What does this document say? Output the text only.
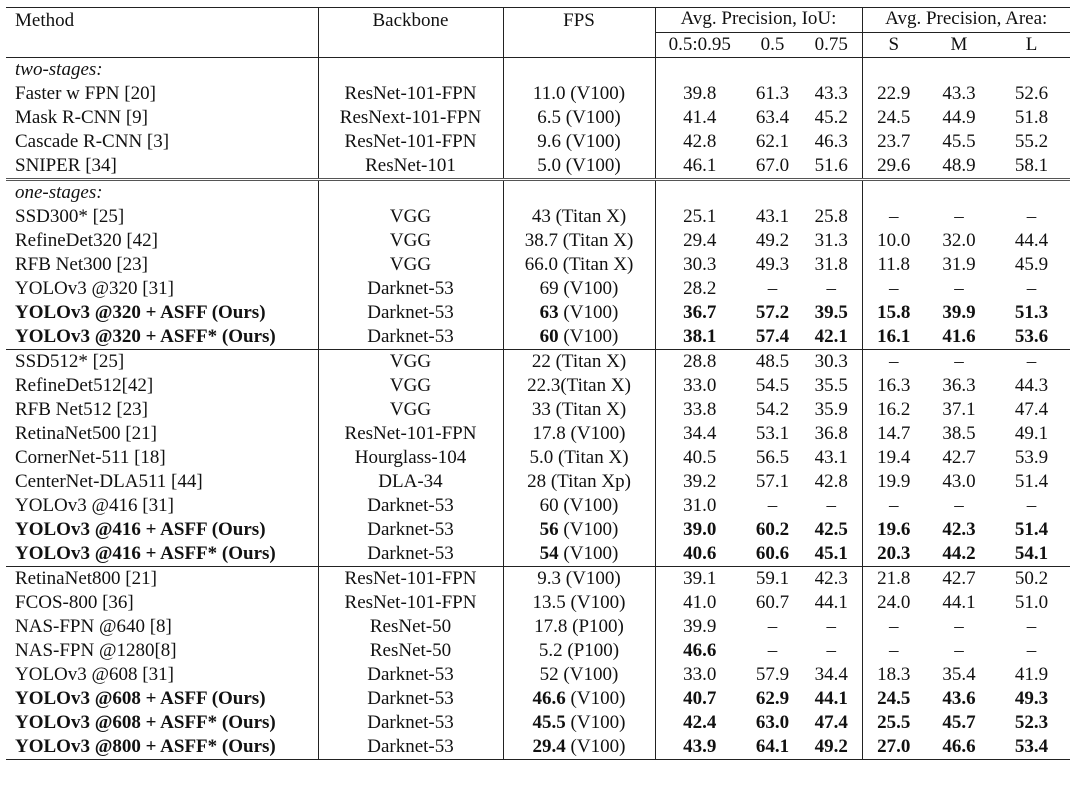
Method	Backbone	FPS	Avg. Precision, IoU:			Avg. Precision, Area:		
			0.5:0.95	0.5	0.75	S	M	L
two-stages:								
Faster w FPN [20]	ResNet-101-FPN	11.0 (V100)	39.8	61.3	43.3	22.9	43.3	52.6
Mask R-CNN [9]	ResNext-101-FPN	6.5 (V100)	41.4	63.4	45.2	24.5	44.9	51.8
Cascade R-CNN [3]	ResNet-101-FPN	9.6 (V100)	42.8	62.1	46.3	23.7	45.5	55.2
SNIPER [34]	ResNet-101	5.0 (V100)	46.1	67.0	51.6	29.6	48.9	58.1
one-stages:								
SSD300* [25]	VGG	43 (Titan X)	25.1	43.1	25.8	–	–	–
RefineDet320 [42]	VGG	38.7 (Titan X)	29.4	49.2	31.3	10.0	32.0	44.4
RFB Net300 [23]	VGG	66.0 (Titan X)	30.3	49.3	31.8	11.8	31.9	45.9
YOLOv3 @320 [31]	Darknet-53	69 (V100)	28.2	–	–	–	–	–
YOLOv3 @320 + ASFF (Ours)	Darknet-53	63 (V100)	36.7	57.2	39.5	15.8	39.9	51.3
YOLOv3 @320 + ASFF* (Ours)	Darknet-53	60 (V100)	38.1	57.4	42.1	16.1	41.6	53.6
SSD512* [25]	VGG	22 (Titan X)	28.8	48.5	30.3	–	–	–
RefineDet512[42]	VGG	22.3(Titan X)	33.0	54.5	35.5	16.3	36.3	44.3
RFB Net512 [23]	VGG	33 (Titan X)	33.8	54.2	35.9	16.2	37.1	47.4
RetinaNet500 [21]	ResNet-101-FPN	17.8 (V100)	34.4	53.1	36.8	14.7	38.5	49.1
CornerNet-511 [18]	Hourglass-104	5.0 (Titan X)	40.5	56.5	43.1	19.4	42.7	53.9
CenterNet-DLA511 [44]	DLA-34	28 (Titan Xp)	39.2	57.1	42.8	19.9	43.0	51.4
YOLOv3 @416 [31]	Darknet-53	60 (V100)	31.0	–	–	–	–	–
YOLOv3 @416 + ASFF (Ours)	Darknet-53	56 (V100)	39.0	60.2	42.5	19.6	42.3	51.4
YOLOv3 @416 + ASFF* (Ours)	Darknet-53	54 (V100)	40.6	60.6	45.1	20.3	44.2	54.1
RetinaNet800 [21]	ResNet-101-FPN	9.3 (V100)	39.1	59.1	42.3	21.8	42.7	50.2
FCOS-800 [36]	ResNet-101-FPN	13.5 (V100)	41.0	60.7	44.1	24.0	44.1	51.0
NAS-FPN @640 [8]	ResNet-50	17.8 (P100)	39.9	–	–	–	–	–
NAS-FPN @1280[8]	ResNet-50	5.2 (P100)	46.6	–	–	–	–	–
YOLOv3 @608 [31]	Darknet-53	52 (V100)	33.0	57.9	34.4	18.3	35.4	41.9
YOLOv3 @608 + ASFF (Ours)	Darknet-53	46.6 (V100)	40.7	62.9	44.1	24.5	43.6	49.3
YOLOv3 @608 + ASFF* (Ours)	Darknet-53	45.5 (V100)	42.4	63.0	47.4	25.5	45.7	52.3
YOLOv3 @800 + ASFF* (Ours)	Darknet-53	29.4 (V100)	43.9	64.1	49.2	27.0	46.6	53.4
